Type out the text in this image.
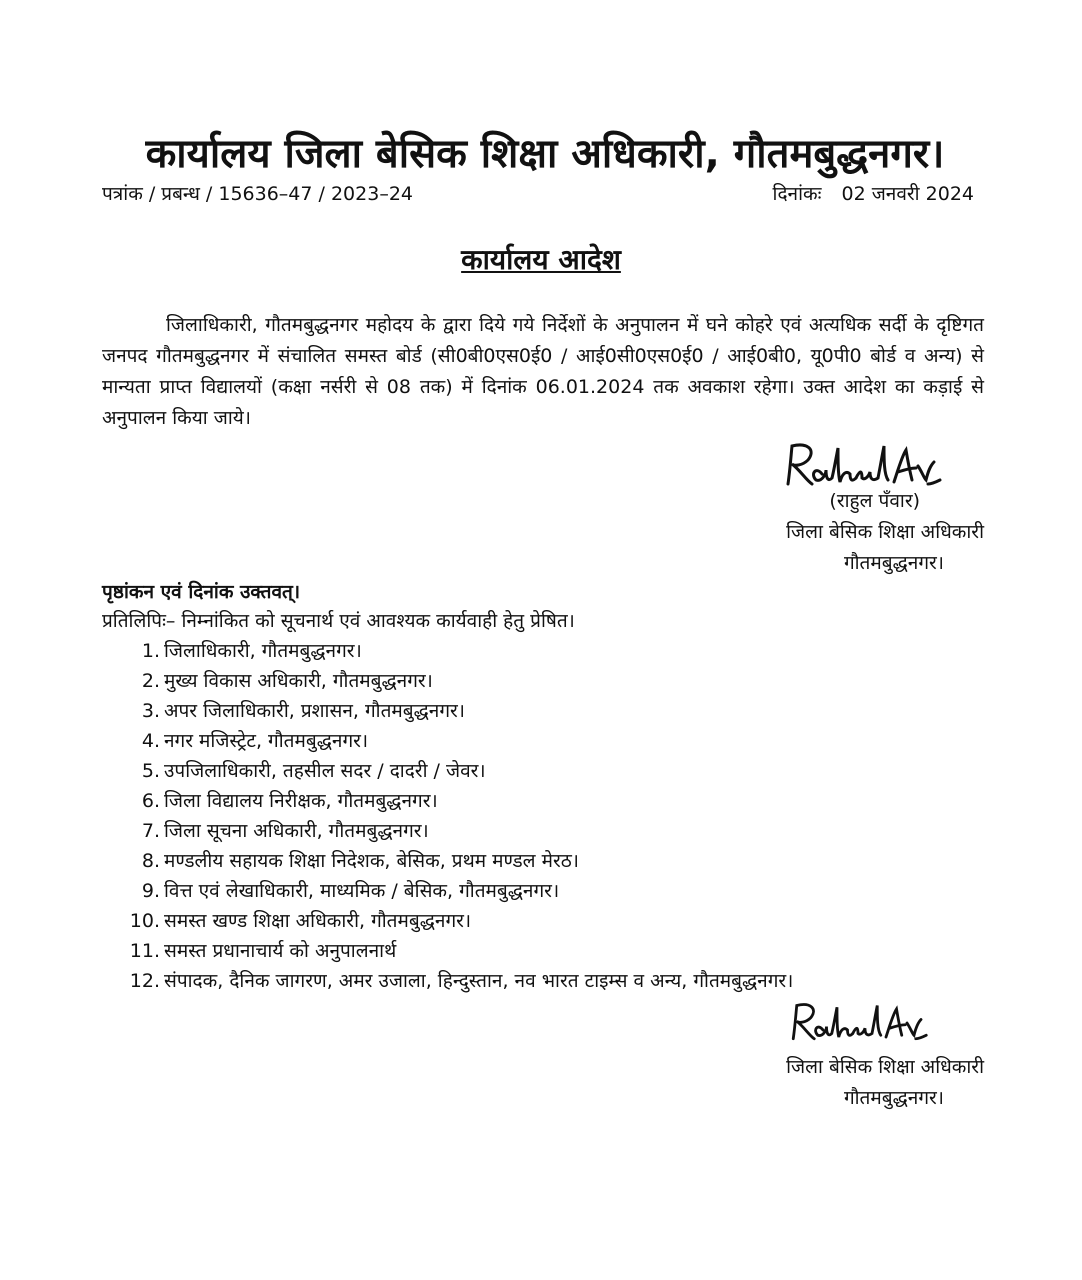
कार्यालय जिला बेसिक शिक्षा अधिकारी, गौतमबुद्धनगर।
पत्रांक / प्रबन्ध / 15636–47 / 2023–24	दिनांकः 02 जनवरी 2024
कार्यालय आदेश
जिलाधिकारी, गौतमबुद्धनगर महोदय के द्वारा दिये गये निर्देशों के अनुपालन में घने कोहरे एवं अत्यधिक सर्दी के दृष्टिगत जनपद गौतमबुद्धनगर में संचालित समस्त बोर्ड (सी0बी0एस0ई0 / आई0सी0एस0ई0 / आई0बी0, यू0पी0 बोर्ड व अन्य) से मान्यता प्राप्त विद्यालयों (कक्षा नर्सरी से 08 तक) में दिनांक 06.01.2024 तक अवकाश रहेगा। उक्त आदेश का कड़ाई से अनुपालन किया जाये।
(राहुल पँवार)
जिला बेसिक शिक्षा अधिकारी
गौतमबुद्धनगर।
पृष्ठांकन एवं दिनांक उक्तवत्।
प्रतिलिपिः– निम्नांकित को सूचनार्थ एवं आवश्यक कार्यवाही हेतु प्रेषित।
1. जिलाधिकारी, गौतमबुद्धनगर।
2. मुख्य विकास अधिकारी, गौतमबुद्धनगर।
3. अपर जिलाधिकारी, प्रशासन, गौतमबुद्धनगर।
4. नगर मजिस्ट्रेट, गौतमबुद्धनगर।
5. उपजिलाधिकारी, तहसील सदर / दादरी / जेवर।
6. जिला विद्यालय निरीक्षक, गौतमबुद्धनगर।
7. जिला सूचना अधिकारी, गौतमबुद्धनगर।
8. मण्डलीय सहायक शिक्षा निदेशक, बेसिक, प्रथम मण्डल मेरठ।
9. वित्त एवं लेखाधिकारी, माध्यमिक / बेसिक, गौतमबुद्धनगर।
10. समस्त खण्ड शिक्षा अधिकारी, गौतमबुद्धनगर।
11. समस्त प्रधानाचार्य को अनुपालनार्थ
12. संपादक, दैनिक जागरण, अमर उजाला, हिन्दुस्तान, नव भारत टाइम्स व अन्य, गौतमबुद्धनगर।
जिला बेसिक शिक्षा अधिकारी
गौतमबुद्धनगर।
